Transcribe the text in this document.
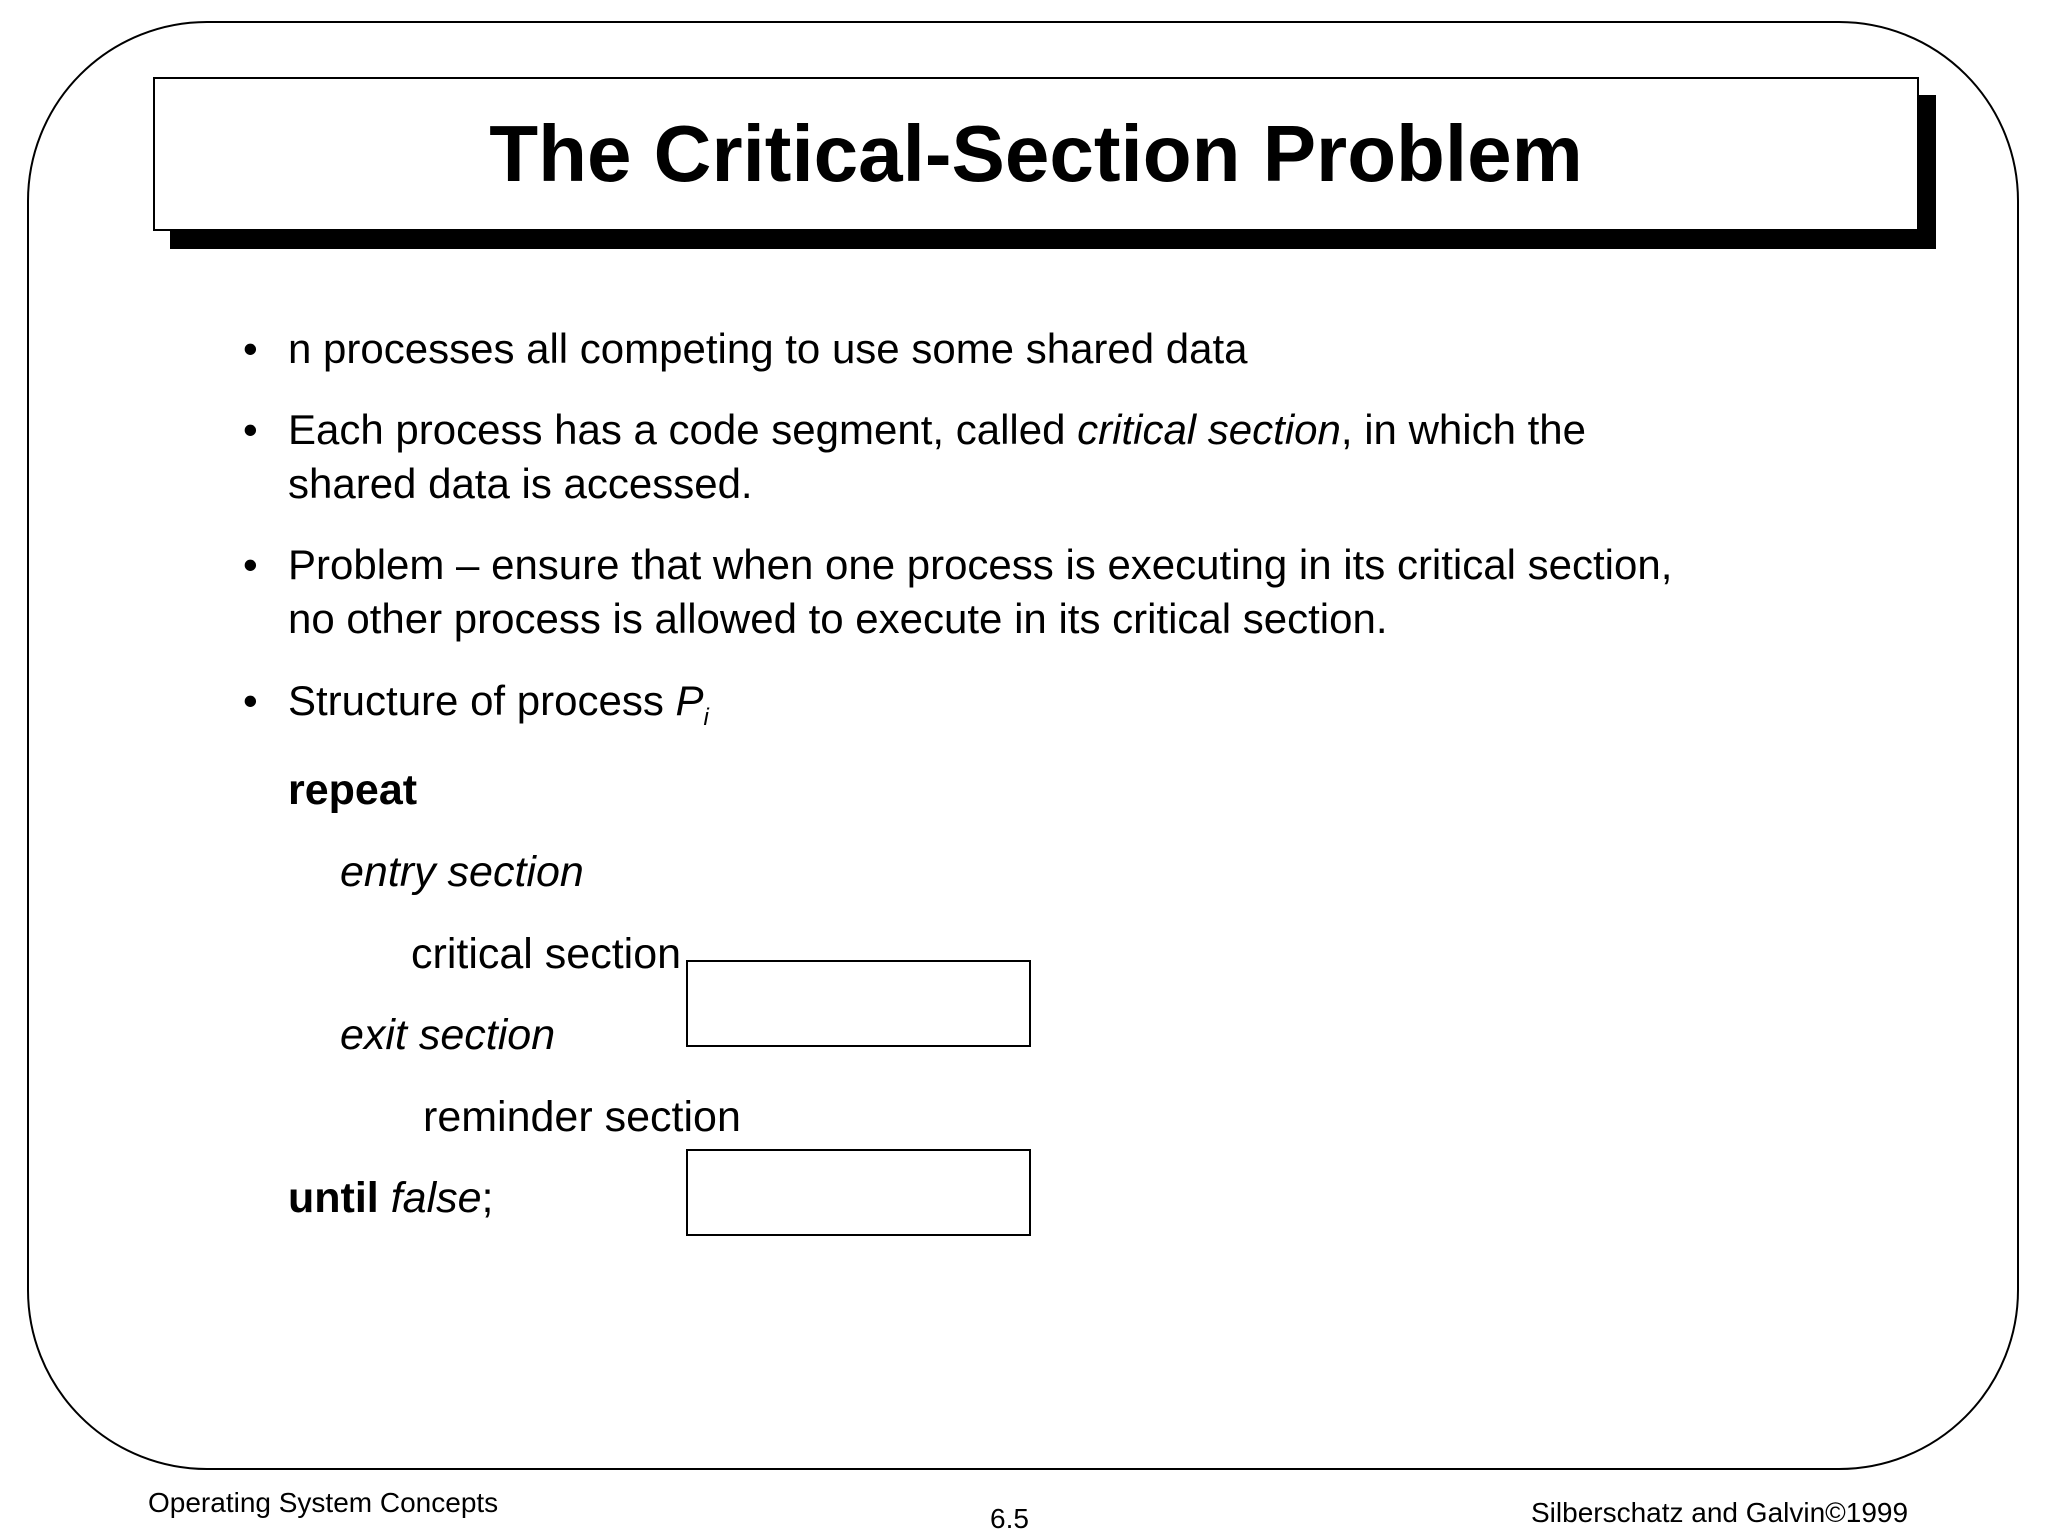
The Critical-Section Problem
• n processes all competing to use some shared data
• Each process has a code segment, called critical section, in which the
shared data is accessed.
• Problem – ensure that when one process is executing in its critical section,
no other process is allowed to execute in its critical section.
• Structure of process $P_i$
repeat
entry section
critical section
exit section
reminder section
until false;
Operating System Concepts
6.5	Silberschatz and Galvin©1999
